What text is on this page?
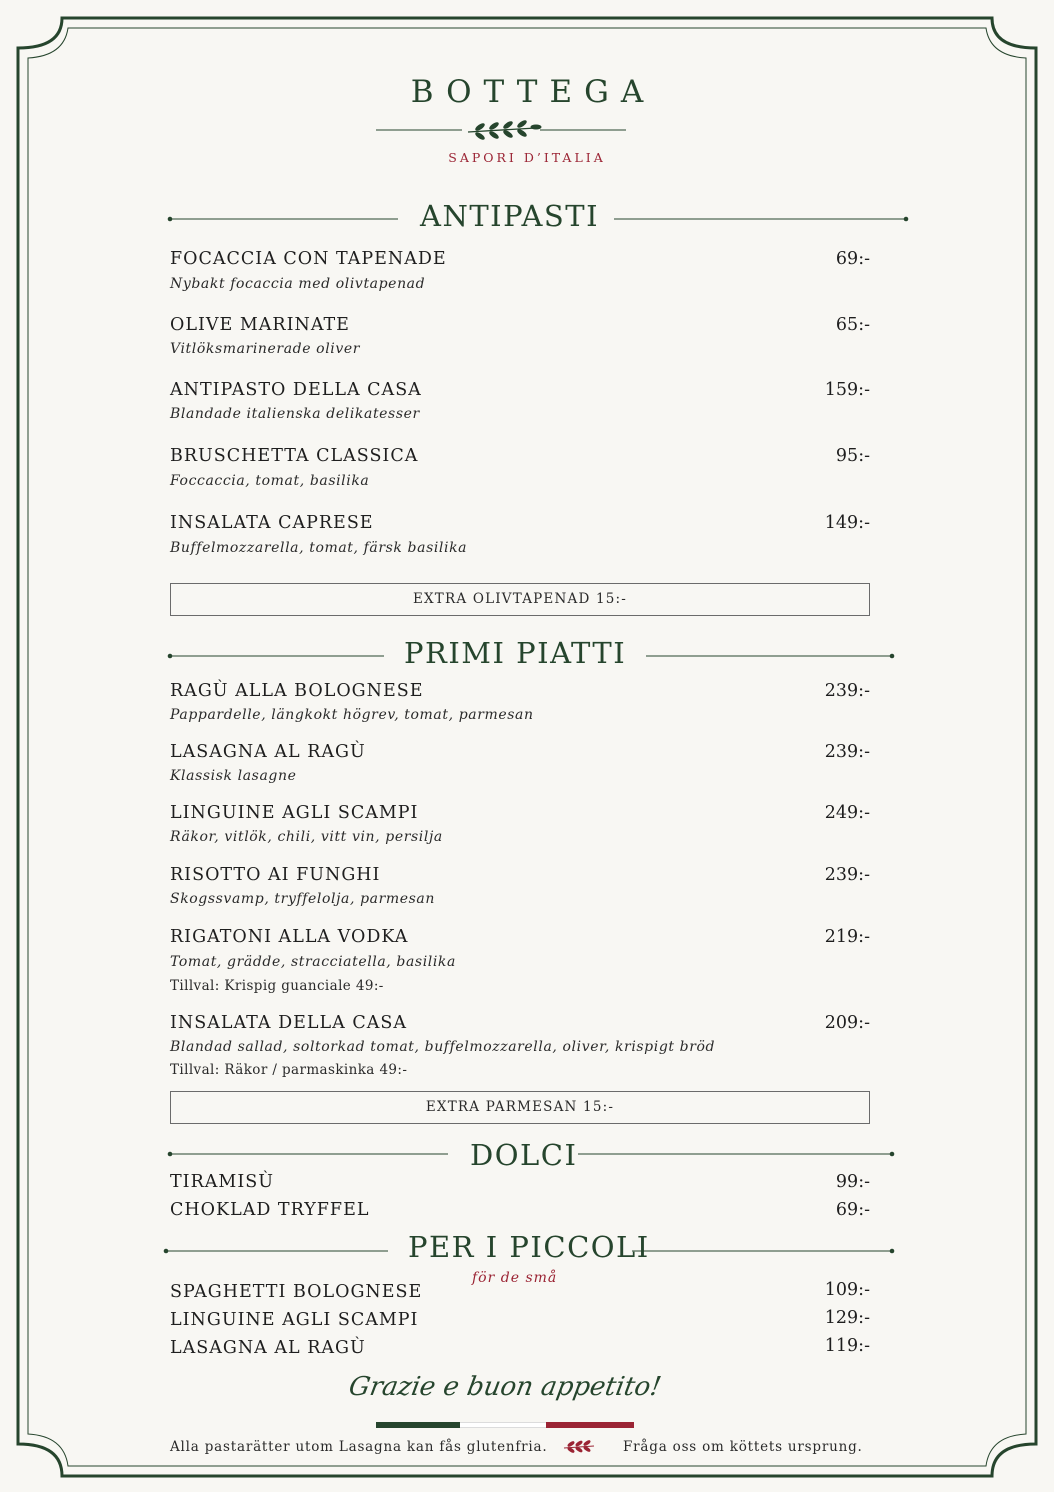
BOTTEGA
SAPORI D’ITALIA
ANTIPASTI
FOCACCIA CON TAPENADE	69:-
Nybakt focaccia med olivtapenad
OLIVE MARINATE	65:-
Vitlöksmarinerade oliver
ANTIPASTO DELLA CASA	159:-
Blandade italienska delikatesser
BRUSCHETTA CLASSICA	95:-
Foccaccia, tomat, basilika
INSALATA CAPRESE	149:-
Buffelmozzarella, tomat, färsk basilika
EXTRA OLIVTAPENAD 15:-
PRIMI PIATTI
RAGÙ ALLA BOLOGNESE	239:-
Pappardelle, längkokt högrev, tomat, parmesan
LASAGNA AL RAGÙ	239:-
Klassisk lasagne
LINGUINE AGLI SCAMPI	249:-
Räkor, vitlök, chili, vitt vin, persilja
RISOTTO AI FUNGHI	239:-
Skogssvamp, tryffelolja, parmesan
RIGATONI ALLA VODKA	219:-
Tomat, grädde, stracciatella, basilika
Tillval: Krispig guanciale 49:-
INSALATA DELLA CASA	209:-
Blandad sallad, soltorkad tomat, buffelmozzarella, oliver, krispigt bröd
Tillval: Räkor / parmaskinka 49:-
EXTRA PARMESAN 15:-
DOLCI
TIRAMISÙ	99:-
CHOKLAD TRYFFEL	69:-
PER I PICCOLI
för de små
SPAGHETTI BOLOGNESE	109:-
LINGUINE AGLI SCAMPI	129:-
LASAGNA AL RAGÙ	119:-
Grazie e buon appetito!
Alla pastarätter utom Lasagna kan fås glutenfria.	Fråga oss om köttets ursprung.
